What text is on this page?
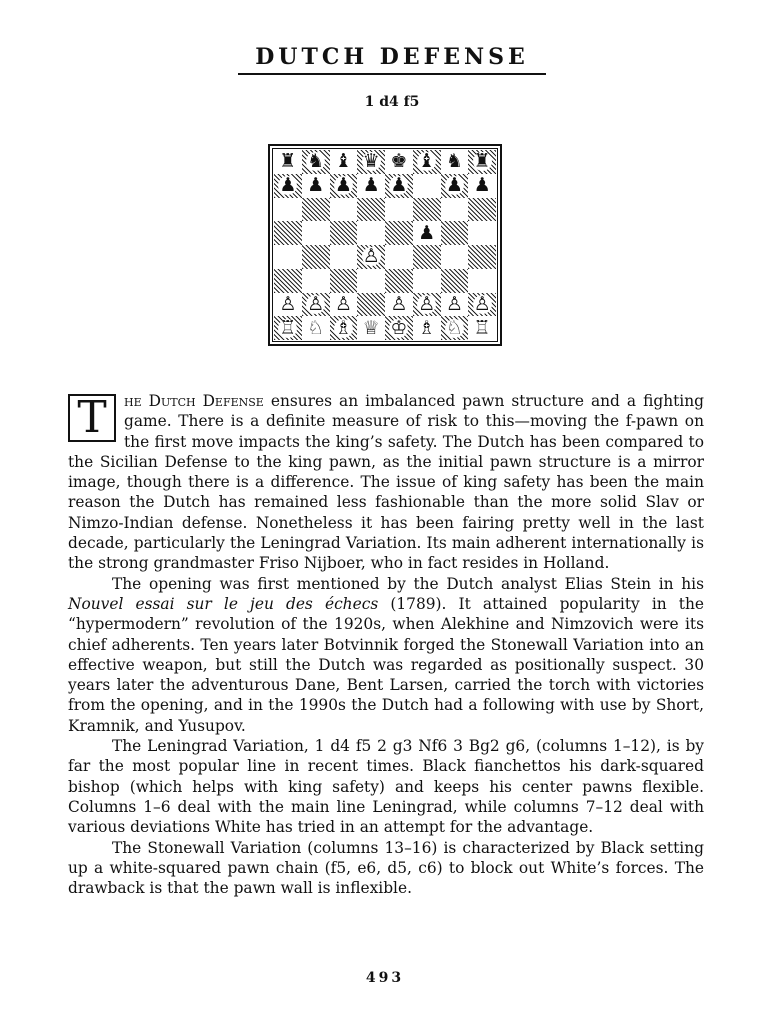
DUTCH DEFENSE
1 d4 f5
♜ ♞ ♝ ♛ ♚ ♝ ♞ ♜
♟ ♟ ♟ ♟ ♟ ♟ ♟
♟
♙
♙ ♙ ♙ ♙ ♙ ♙ ♙
♖ ♘ ♗ ♕ ♔ ♗ ♘ ♖

T	he Dutch Defense ensures an imbalanced pawn structure and a fighting game. There is a definite measure of risk to this—moving the f-pawn on the first move impacts the king’s safety. The Dutch has been compared to the Sicilian Defense to the king pawn, as the initial pawn structure is a mirror image, though there is a difference. The issue of king safety has been the main reason the Dutch has remained less fashionable than the more solid Slav or Nimzo-Indian defense. Nonetheless it has been fairing pretty well in the last decade, particularly the Leningrad Variation. Its main adherent internationally is the strong grandmaster Friso Nijboer, who in fact resides in Holland.

The opening was first mentioned by the Dutch analyst Elias Stein in his Nouvel essai sur le jeu des échecs (1789). It attained popularity in the “hypermodern” revolution of the 1920s, when Alekhine and Nimzovich were its chief adherents. Ten years later Botvinnik forged the Stonewall Variation into an effective weapon, but still the Dutch was regarded as positionally suspect. 30 years later the adventurous Dane, Bent Larsen, carried the torch with victories from the opening, and in the 1990s the Dutch had a following with use by Short, Kramnik, and Yusupov.

The Leningrad Variation, 1 d4 f5 2 g3 Nf6 3 Bg2 g6, (columns 1–12), is by far the most popular line in recent times. Black fianchettos his dark-squared bishop (which helps with king safety) and keeps his center pawns flexible. Columns 1–6 deal with the main line Leningrad, while columns 7–12 deal with various deviations White has tried in an attempt for the advantage.

The Stonewall Variation (columns 13–16) is characterized by Black setting up a white-squared pawn chain (f5, e6, d5, c6) to block out White’s forces. The drawback is that the pawn wall is inflexible.

493
